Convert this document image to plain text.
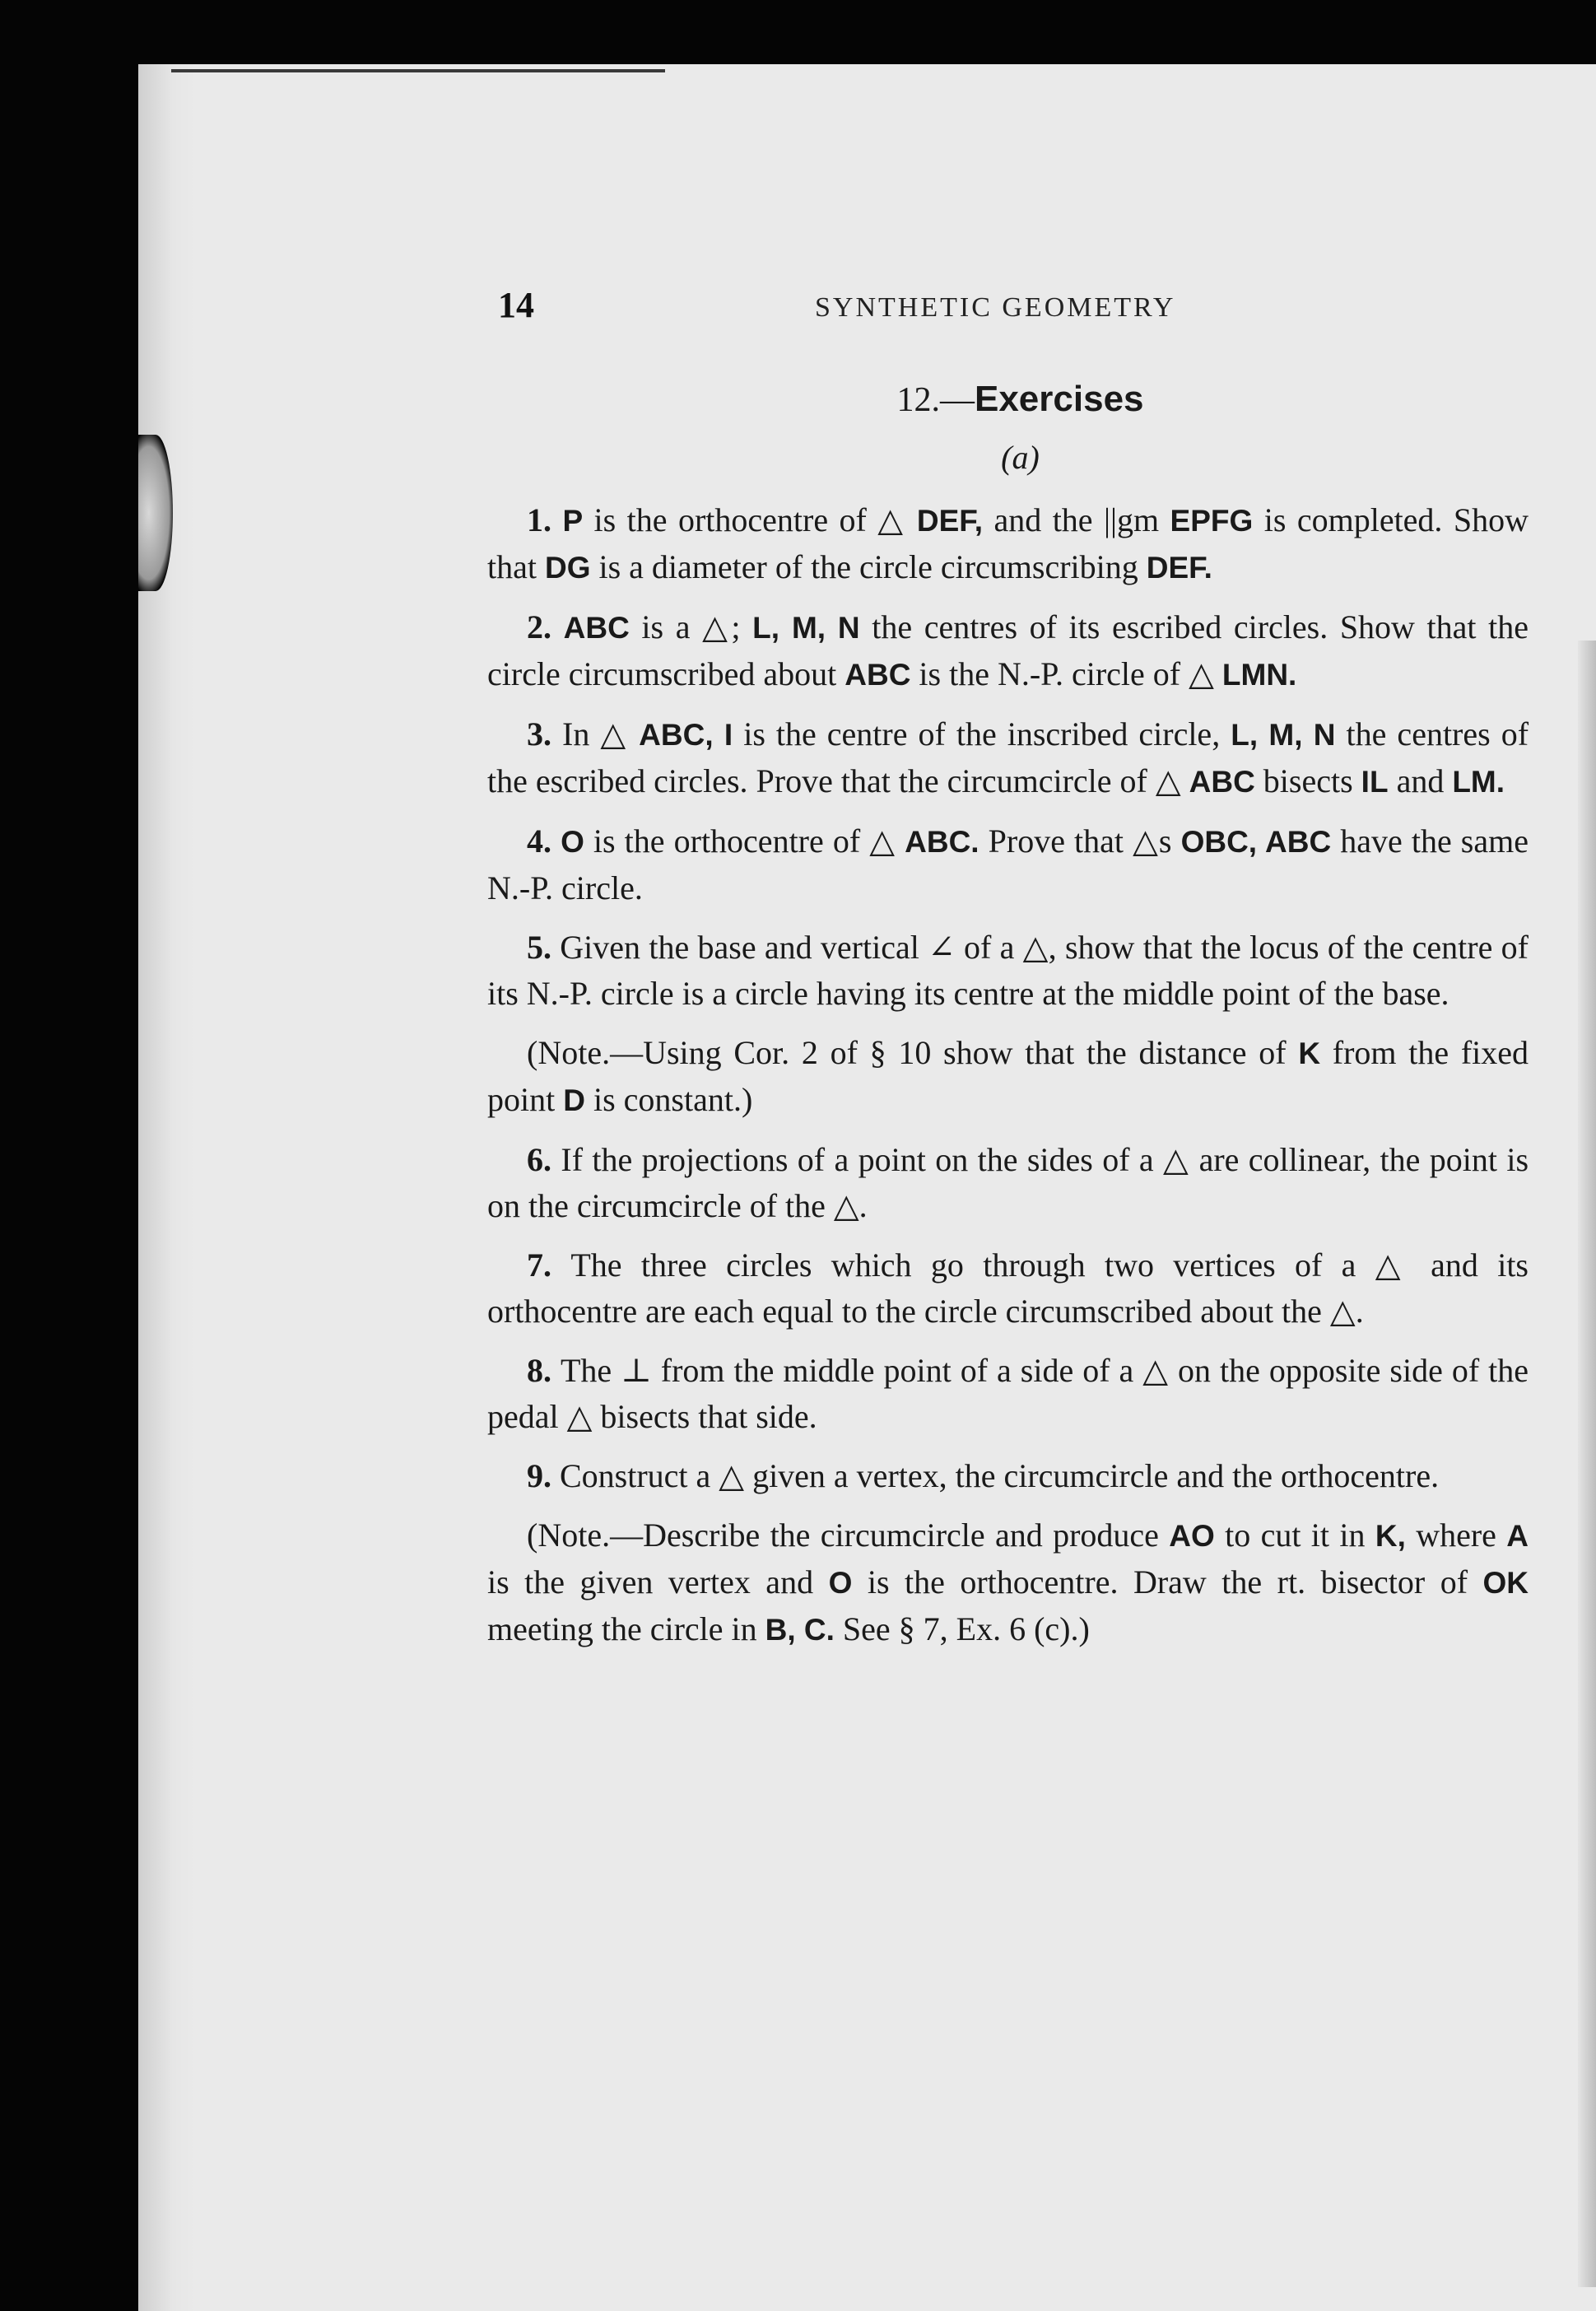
14	SYNTHETIC GEOMETRY
12.—Exercises
(a)

1. P is the orthocentre of △ DEF, and the ||gm EPFG is completed. Show that DG is a diameter of the circle circumscribing DEF.

2. ABC is a △; L, M, N the centres of its escribed circles. Show that the circle circumscribed about ABC is the N.-P. circle of △ LMN.

3. In △ ABC, I is the centre of the inscribed circle, L, M, N the centres of the escribed circles. Prove that the circumcircle of △ ABC bisects IL and LM.

4. O is the orthocentre of △ ABC. Prove that △s OBC, ABC have the same N.-P. circle.

5. Given the base and vertical ∠ of a △, show that the locus of the centre of its N.-P. circle is a circle having its centre at the middle point of the base.

(Note.—Using Cor. 2 of § 10 show that the distance of K from the fixed point D is constant.)

6. If the projections of a point on the sides of a △ are collinear, the point is on the circumcircle of the △.

7. The three circles which go through two vertices of a △ and its orthocentre are each equal to the circle circumscribed about the △.

8. The ⊥ from the middle point of a side of a △ on the opposite side of the pedal △ bisects that side.

9. Construct a △ given a vertex, the circumcircle and the orthocentre.

(Note.—Describe the circumcircle and produce AO to cut it in K, where A is the given vertex and O is the orthocentre. Draw the rt. bisector of OK meeting the circle in B, C. See § 7, Ex. 6 (c).)
